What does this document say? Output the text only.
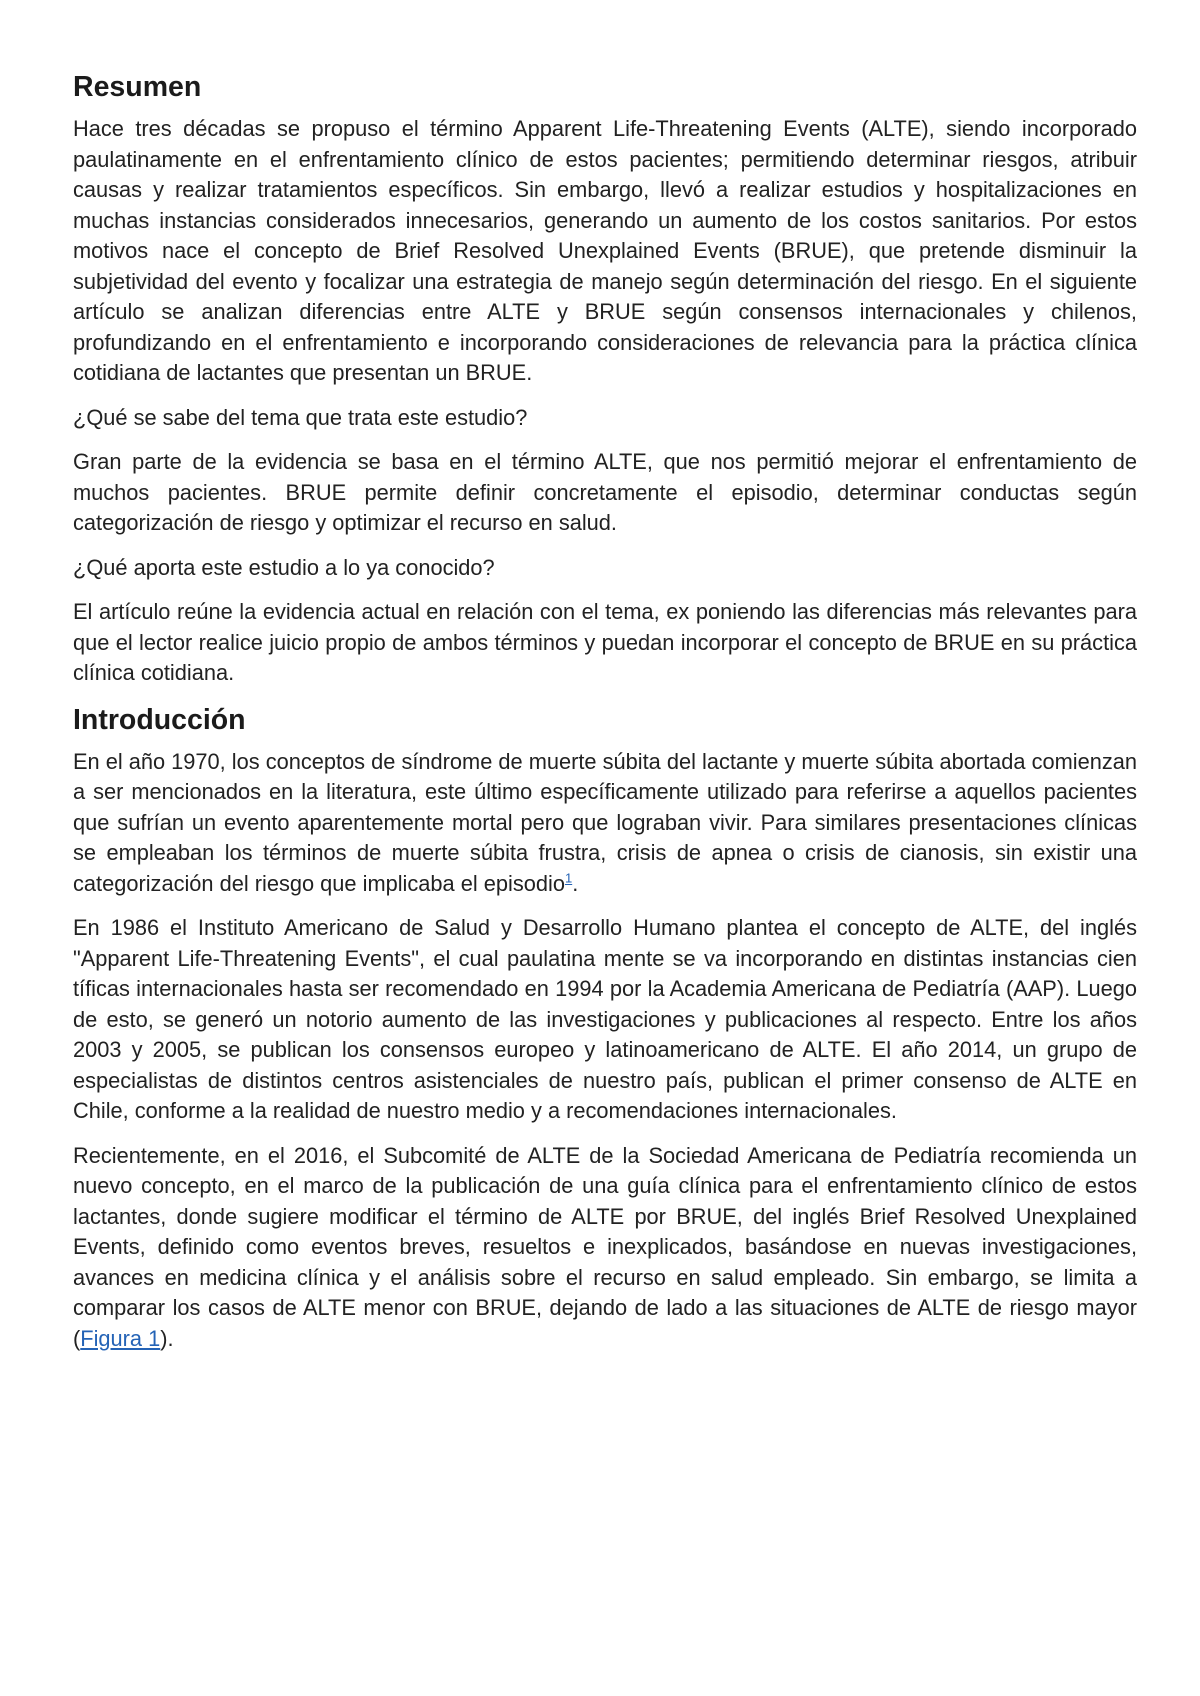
Resumen

Hace tres décadas se propuso el término Apparent Life-Threatening Events (ALTE), siendo incorporado paulatinamente en el enfrentamiento clínico de estos pacientes; permitiendo determinar riesgos, atribuir causas y realizar tratamientos específicos. Sin embargo, llevó a realizar estudios y hospitalizaciones en muchas instancias considerados innecesarios, generando un aumento de los costos sanitarios. Por estos motivos nace el concepto de Brief Resolved Unexplained Events (BRUE), que pretende disminuir la subjetividad del evento y focalizar una estrategia de manejo según determinación del riesgo. En el siguiente artículo se analizan diferencias entre ALTE y BRUE según consensos internacionales y chilenos, profundizando en el enfrentamiento e incorporando consideraciones de relevancia para la práctica clínica cotidiana de lactantes que presentan un BRUE.

¿Qué se sabe del tema que trata este estudio?

Gran parte de la evidencia se basa en el término ALTE, que nos permitió mejorar el enfrentamiento de muchos pacientes. BRUE permite definir concretamente el episodio, determinar conductas según categorización de riesgo y optimizar el recurso en salud.

¿Qué aporta este estudio a lo ya conocido?

El artículo reúne la evidencia actual en relación con el tema, ex poniendo las diferencias más relevantes para que el lector realice juicio propio de ambos términos y puedan incorporar el concepto de BRUE en su práctica clínica cotidiana.

Introducción

En el año 1970, los conceptos de síndrome de muerte súbita del lactante y muerte súbita abortada comienzan a ser mencionados en la literatura, este último específicamente utilizado para referirse a aquellos pacientes que sufrían un evento aparentemente mortal pero que lograban vivir. Para similares presentaciones clínicas se empleaban los términos de muerte súbita frustra, crisis de apnea o crisis de cianosis, sin existir una categorización del riesgo que implicaba el episodio$^1$.

En 1986 el Instituto Americano de Salud y Desarrollo Humano plantea el concepto de ALTE, del inglés "Apparent Life-Threatening Events", el cual paulatina mente se va incorporando en distintas instancias cien tíficas internacionales hasta ser recomendado en 1994 por la Academia Americana de Pediatría (AAP). Luego de esto, se generó un notorio aumento de las investigaciones y publicaciones al respecto. Entre los años 2003 y 2005, se publican los consensos europeo y latinoamericano de ALTE. El año 2014, un grupo de especialistas de distintos centros asistenciales de nuestro país, publican el primer consenso de ALTE en Chile, conforme a la realidad de nuestro medio y a recomendaciones internacionales.

Recientemente, en el 2016, el Subcomité de ALTE de la Sociedad Americana de Pediatría recomienda un nuevo concepto, en el marco de la publicación de una guía clínica para el enfrentamiento clínico de estos lactantes, donde sugiere modificar el término de ALTE por BRUE, del inglés Brief Resolved Unexplained Events, definido como eventos breves, resueltos e inexplicados, basándose en nuevas investigaciones, avances en medicina clínica y el análisis sobre el recurso en salud empleado. Sin embargo, se limita a comparar los casos de ALTE menor con BRUE, dejando de lado a las situaciones de ALTE de riesgo mayor (Figura 1).
